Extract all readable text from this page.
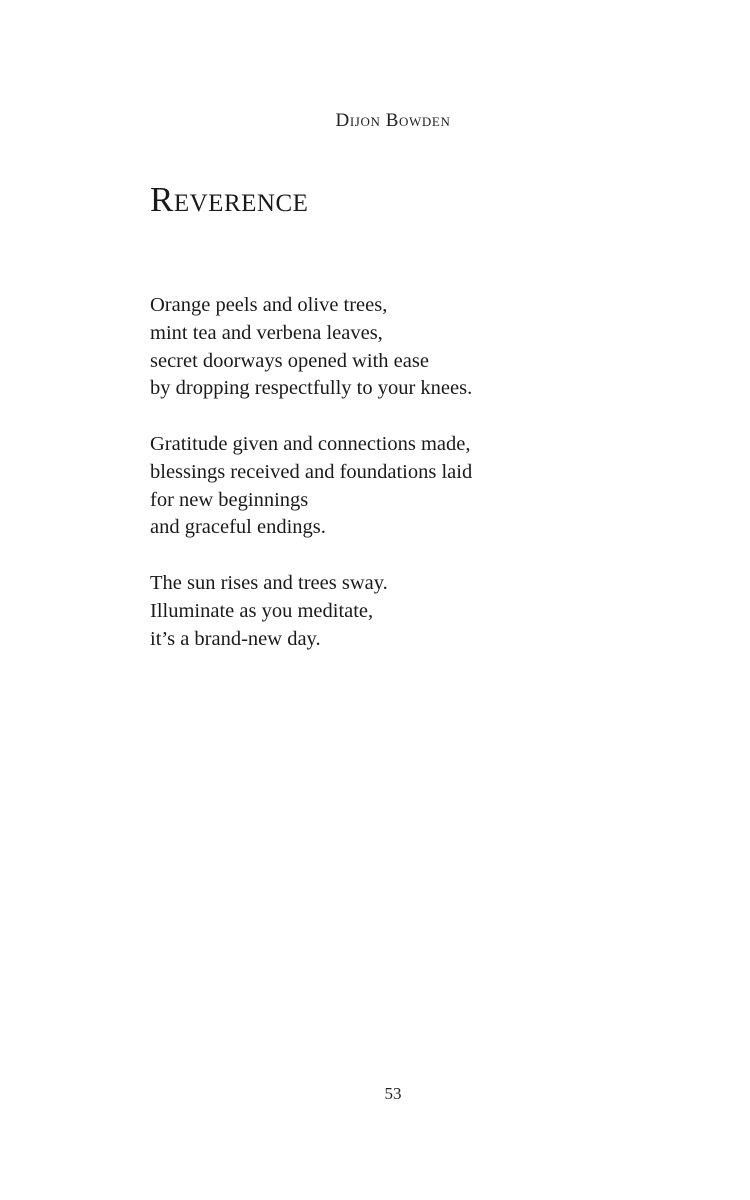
Dijon Bowden
Reverence
Orange peels and olive trees,
mint tea and verbena leaves,
secret doorways opened with ease
by dropping respectfully to your knees.
Gratitude given and connections made,
blessings received and foundations laid
for new beginnings
and graceful endings.
The sun rises and trees sway.
Illuminate as you meditate,
it’s a brand-new day.
53
